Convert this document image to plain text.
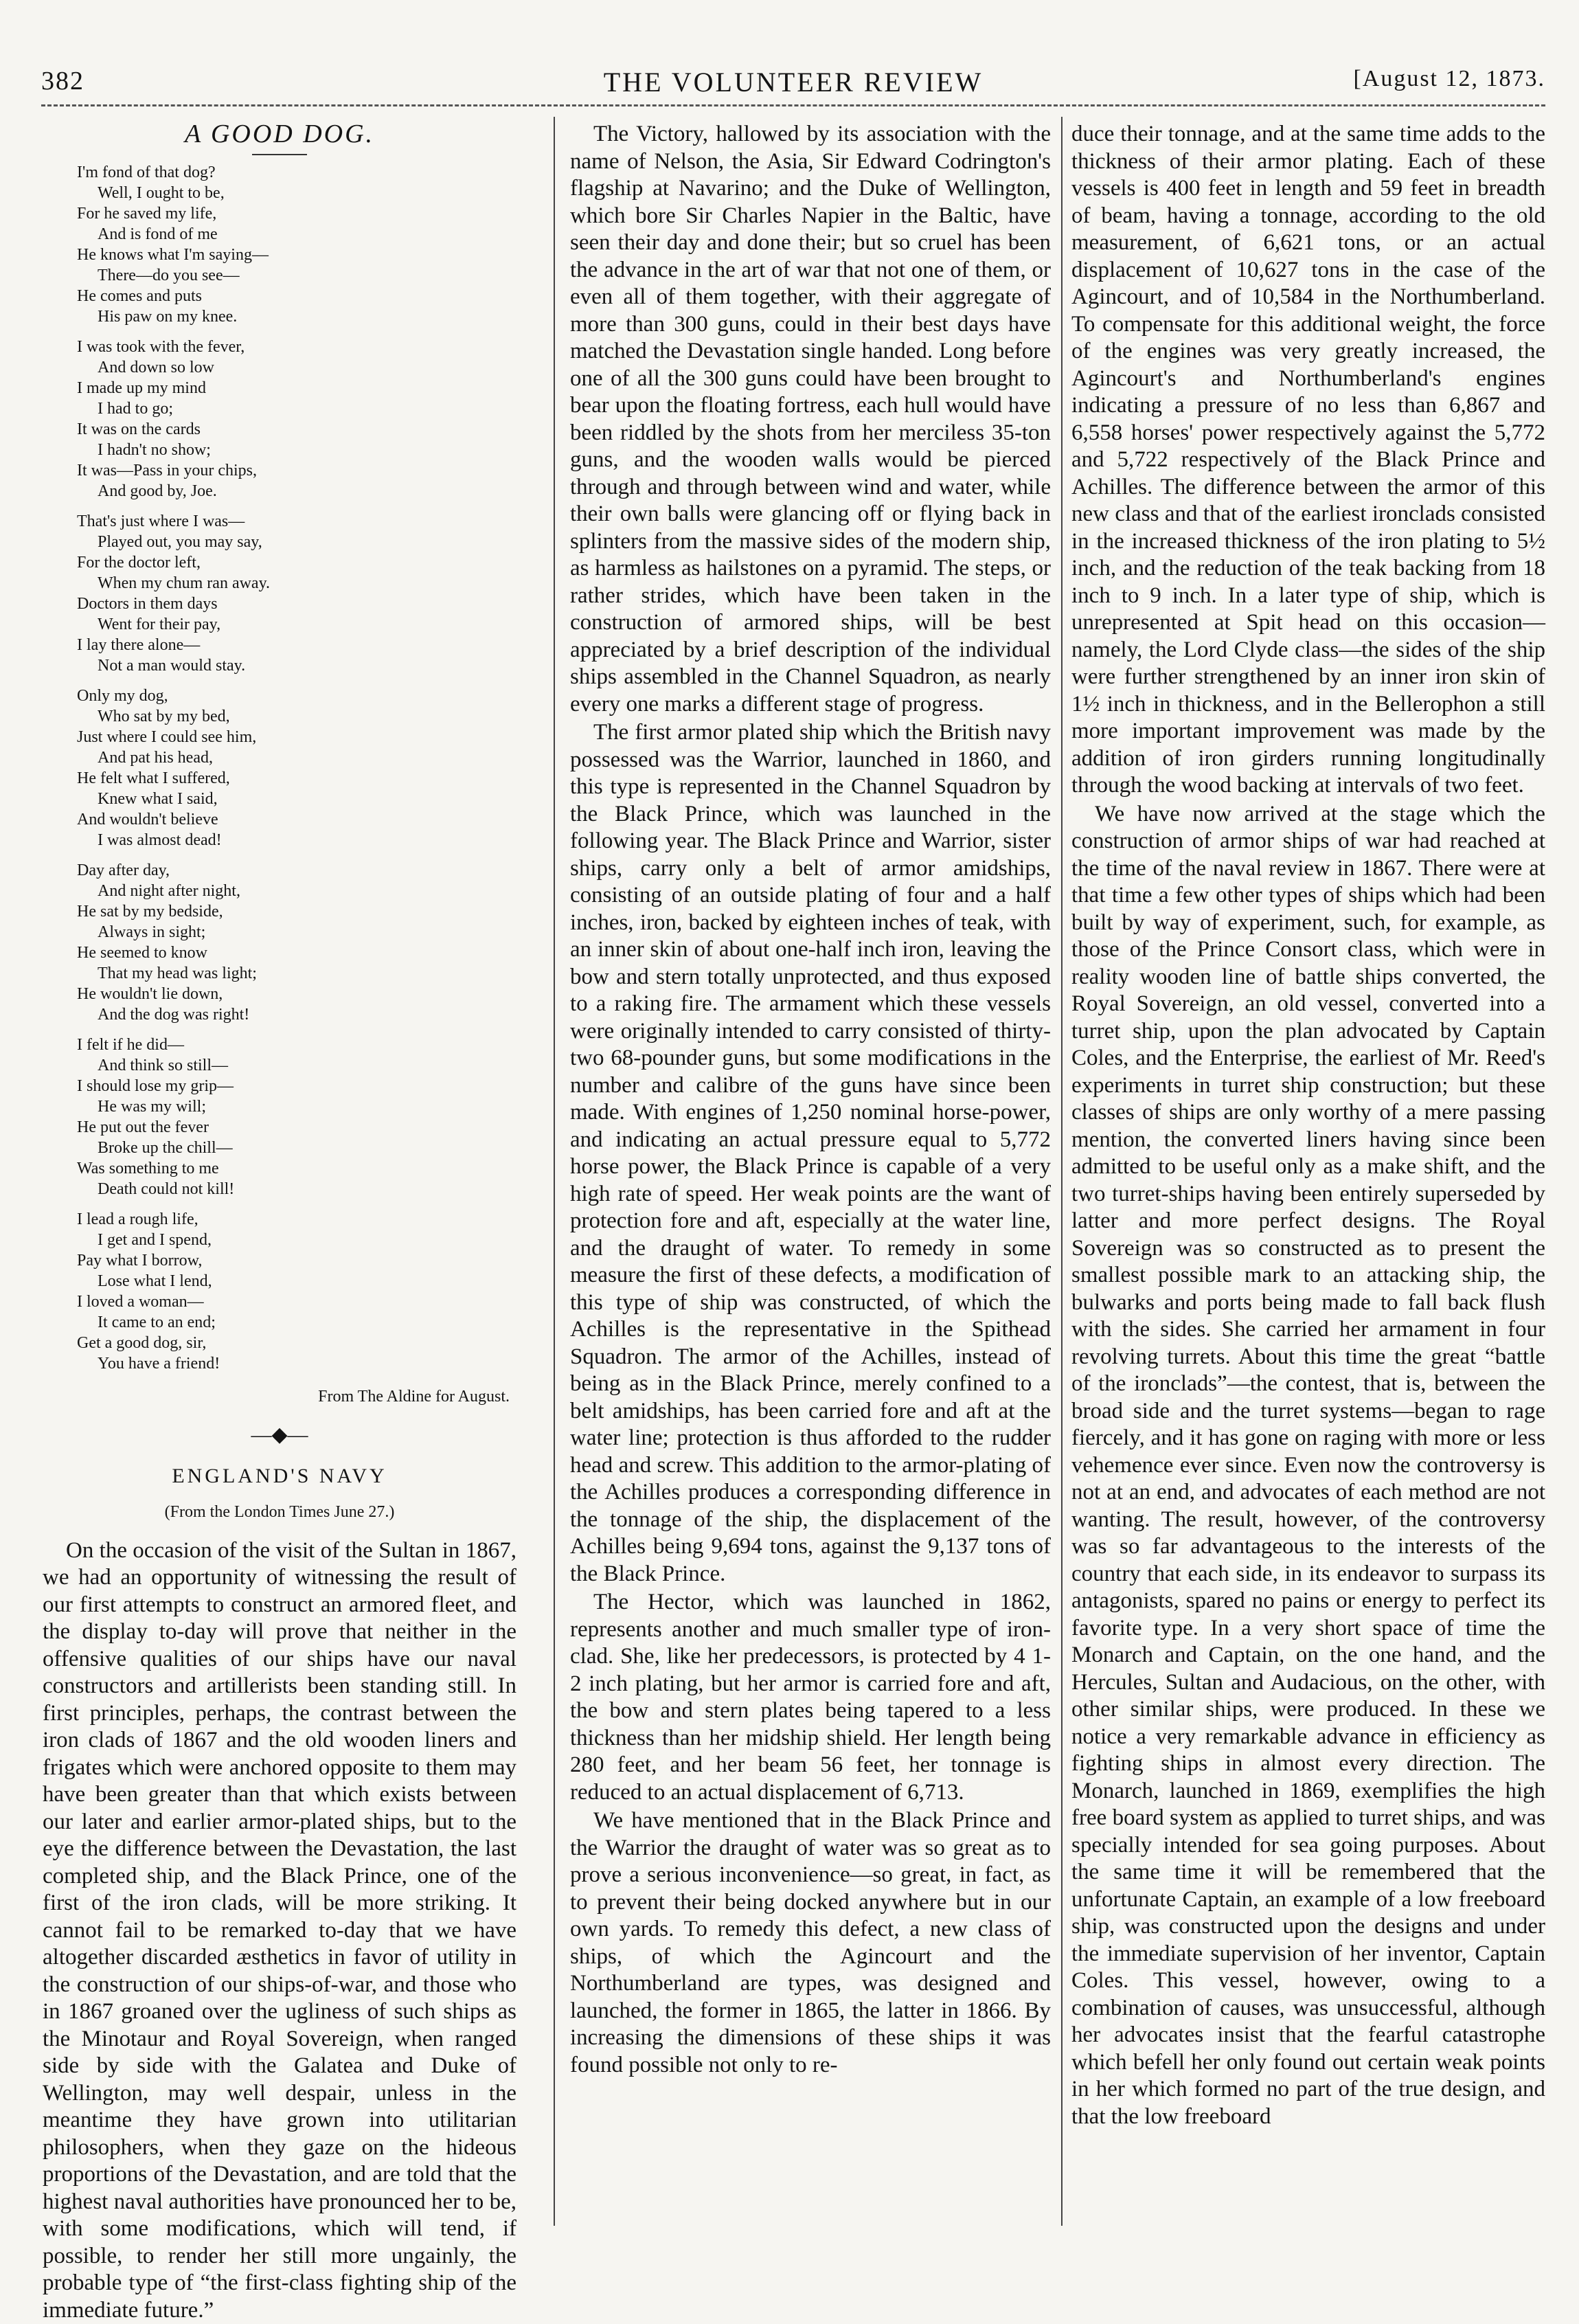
382	THE VOLUNTEER REVIEW	[August 12, 1873.
A GOOD DOG.
I'm fond of that dog?
Well, I ought to be,
For he saved my life,
And is fond of me
He knows what I'm saying—
There—do you see—
He comes and puts
His paw on my knee.
I was took with the fever,
And down so low
I made up my mind
I had to go;
It was on the cards
I hadn't no show;
It was—Pass in your chips,
And good by, Joe.
That's just where I was—
Played out, you may say,
For the doctor left,
When my chum ran away.
Doctors in them days
Went for their pay,
I lay there alone—
Not a man would stay.
Only my dog,
Who sat by my bed,
Just where I could see him,
And pat his head,
He felt what I suffered,
Knew what I said,
And wouldn't believe
I was almost dead!
Day after day,
And night after night,
He sat by my bedside,
Always in sight;
He seemed to know
That my head was light;
He wouldn't lie down,
And the dog was right!
I felt if he did—
And think so still—
I should lose my grip—
He was my will;
He put out the fever
Broke up the chill—
Was something to me
Death could not kill!
I lead a rough life,
I get and I spend,
Pay what I borrow,
Lose what I lend,
I loved a woman—
It came to an end;
Get a good dog, sir,
You have a friend!
From The Aldine for August.
—◆—
ENGLAND'S NAVY
(From the London Times June 27.)

On the occasion of the visit of the Sultan in 1867, we had an opportunity of witnessing the result of our first attempts to construct an armored fleet, and the display to-day will prove that neither in the offensive qualities of our ships have our naval constructors and artillerists been standing still. In first principles, perhaps, the contrast between the iron clads of 1867 and the old wooden liners and frigates which were anchored opposite to them may have been greater than that which exists between our later and earlier armor-plated ships, but to the eye the difference between the Devastation, the last completed ship, and the Black Prince, one of the first of the iron clads, will be more striking. It cannot fail to be remarked to-day that we have altogether discarded æsthetics in favor of utility in the construction of our ships-of-war, and those who in 1867 groaned over the ugliness of such ships as the Minotaur and Royal Sovereign, when ranged side by side with the Galatea and Duke of Wellington, may well despair, unless in the meantime they have grown into utilitarian philosophers, when they gaze on the hideous proportions of the Devastation, and are told that the highest naval authorities have pronounced her to be, with some modifications, which will tend, if possible, to render her still more ungainly, the probable type of “the first-class fighting ship of the immediate future.”

The Victory, hallowed by its association with the name of Nelson, the Asia, Sir Edward Codrington's flagship at Navarino; and the Duke of Wellington, which bore Sir Charles Napier in the Baltic, have seen their day and done their; but so cruel has been the advance in the art of war that not one of them, or even all of them together, with their aggregate of more than 300 guns, could in their best days have matched the Devastation single handed. Long before one of all the 300 guns could have been brought to bear upon the floating fortress, each hull would have been riddled by the shots from her merciless 35-ton guns, and the wooden walls would be pierced through and through between wind and water, while their own balls were glancing off or flying back in splinters from the massive sides of the modern ship, as harmless as hailstones on a pyramid. The steps, or rather strides, which have been taken in the construction of armored ships, will be best appreciated by a brief description of the individual ships assembled in the Channel Squadron, as nearly every one marks a different stage of progress.

The first armor plated ship which the British navy possessed was the Warrior, launched in 1860, and this type is represented in the Channel Squadron by the Black Prince, which was launched in the following year. The Black Prince and Warrior, sister ships, carry only a belt of armor amidships, consisting of an outside plating of four and a half inches, iron, backed by eighteen inches of teak, with an inner skin of about one-half inch iron, leaving the bow and stern totally unprotected, and thus exposed to a raking fire. The armament which these vessels were originally intended to carry consisted of thirty-two 68-pounder guns, but some modifications in the number and calibre of the guns have since been made. With engines of 1,250 nominal horse-power, and indicating an actual pressure equal to 5,772 horse power, the Black Prince is capable of a very high rate of speed. Her weak points are the want of protection fore and aft, especially at the water line, and the draught of water. To remedy in some measure the first of these defects, a modification of this type of ship was constructed, of which the Achilles is the representative in the Spithead Squadron. The armor of the Achilles, instead of being as in the Black Prince, merely confined to a belt amidships, has been carried fore and aft at the water line; protection is thus afforded to the rudder head and screw. This addition to the armor-plating of the Achilles produces a corresponding difference in the tonnage of the ship, the displacement of the Achilles being 9,694 tons, against the 9,137 tons of the Black Prince.

The Hector, which was launched in 1862, represents another and much smaller type of iron-clad. She, like her predecessors, is protected by 4 1-2 inch plating, but her armor is carried fore and aft, the bow and stern plates being tapered to a less thickness than her midship shield. Her length being 280 feet, and her beam 56 feet, her tonnage is reduced to an actual displacement of 6,713.

We have mentioned that in the Black Prince and the Warrior the draught of water was so great as to prove a serious inconvenience—so great, in fact, as to prevent their being docked anywhere but in our own yards. To remedy this defect, a new class of ships, of which the Agincourt and the Northumberland are types, was designed and launched, the former in 1865, the latter in 1866. By increasing the dimensions of these ships it was found possible not only to re-

duce their tonnage, and at the same time adds to the thickness of their armor plating. Each of these vessels is 400 feet in length and 59 feet in breadth of beam, having a tonnage, according to the old measurement, of 6,621 tons, or an actual displacement of 10,627 tons in the case of the Agincourt, and of 10,584 in the Northumberland. To compensate for this additional weight, the force of the engines was very greatly increased, the Agincourt's and Northumberland's engines indicating a pressure of no less than 6,867 and 6,558 horses' power respectively against the 5,772 and 5,722 respectively of the Black Prince and Achilles. The difference between the armor of this new class and that of the earliest ironclads consisted in the increased thickness of the iron plating to 5½ inch, and the reduction of the teak backing from 18 inch to 9 inch. In a later type of ship, which is unrepresented at Spit head on this occasion—namely, the Lord Clyde class—the sides of the ship were further strengthened by an inner iron skin of 1½ inch in thickness, and in the Bellerophon a still more important improvement was made by the addition of iron girders running longitudinally through the wood backing at intervals of two feet.

We have now arrived at the stage which the construction of armor ships of war had reached at the time of the naval review in 1867. There were at that time a few other types of ships which had been built by way of experiment, such, for example, as those of the Prince Consort class, which were in reality wooden line of battle ships converted, the Royal Sovereign, an old vessel, converted into a turret ship, upon the plan advocated by Captain Coles, and the Enterprise, the earliest of Mr. Reed's experiments in turret ship construction; but these classes of ships are only worthy of a mere passing mention, the converted liners having since been admitted to be useful only as a make shift, and the two turret-ships having been entirely superseded by latter and more perfect designs. The Royal Sovereign was so constructed as to present the smallest possible mark to an attacking ship, the bulwarks and ports being made to fall back flush with the sides. She carried her armament in four revolving turrets. About this time the great “battle of the ironclads”—the contest, that is, between the broad side and the turret systems—began to rage fiercely, and it has gone on raging with more or less vehemence ever since. Even now the controversy is not at an end, and advocates of each method are not wanting. The result, however, of the controversy was so far advantageous to the interests of the country that each side, in its endeavor to surpass its antagonists, spared no pains or energy to perfect its favorite type. In a very short space of time the Monarch and Captain, on the one hand, and the Hercules, Sultan and Audacious, on the other, with other similar ships, were produced. In these we notice a very remarkable advance in efficiency as fighting ships in almost every direction. The Monarch, launched in 1869, exemplifies the high free board system as applied to turret ships, and was specially intended for sea going purposes. About the same time it will be remembered that the unfortunate Captain, an example of a low freeboard ship, was constructed upon the designs and under the immediate supervision of her inventor, Captain Coles. This vessel, however, owing to a combination of causes, was unsuccessful, although her advocates insist that the fearful catastrophe which befell her only found out certain weak points in her which formed no part of the true design, and that the low freeboard
